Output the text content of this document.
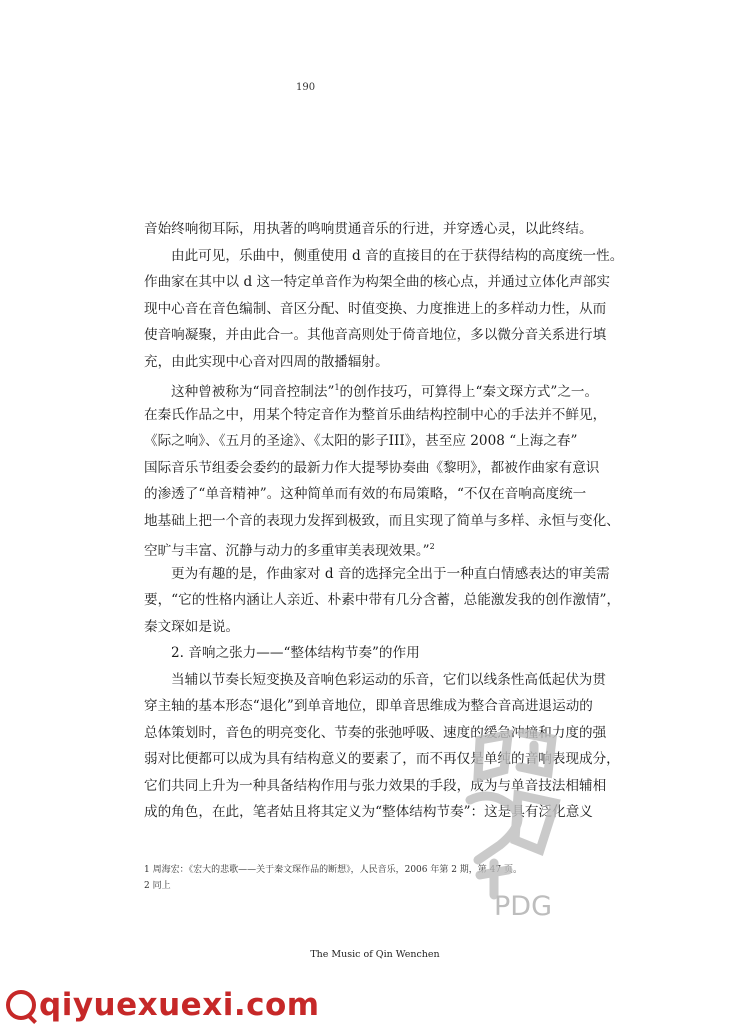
190
音始终响彻耳际，用执著的鸣响贯通音乐的行进，并穿透心灵，以此终结。
由此可见，乐曲中，侧重使用 d 音的直接目的在于获得结构的高度统一性。
作曲家在其中以 d 这一特定单音作为构架全曲的核心点，并通过立体化声部实
现中心音在音色编制、音区分配、时值变换、力度推进上的多样动力性，从而
使音响凝聚，并由此合一。其他音高则处于倚音地位，多以微分音关系进行填
充，由此实现中心音对四周的散播辐射。
这种曾被称为“同音控制法”$^1$的创作技巧，可算得上“秦文琛方式”之一。
在秦氏作品之中，用某个特定音作为整首乐曲结构控制中心的手法并不鲜见，
《际之响》、《五月的圣途》、《太阳的影子III》，甚至应 2008 “上海之春”
国际音乐节组委会委约的最新力作大提琴协奏曲《黎明》，都被作曲家有意识
的渗透了“单音精神”。这种简单而有效的布局策略，“不仅在音响高度统一
地基础上把一个音的表现力发挥到极致，而且实现了简单与多样、永恒与变化、
空旷与丰富、沉静与动力的多重审美表现效果。”$^2$
更为有趣的是，作曲家对 d 音的选择完全出于一种直白情感表达的审美需
要，“它的性格内涵让人亲近、朴素中带有几分含蓄，总能激发我的创作激情”，
秦文琛如是说。
2. 音响之张力——“整体结构节奏”的作用
当辅以节奏长短变换及音响色彩运动的乐音，它们以线条性高低起伏为贯
穿主轴的基本形态“退化”到单音地位，即单音思维成为整合音高进退运动的
总体策划时，音色的明亮变化、节奏的张弛呼吸、速度的缓急冲撞和力度的强
弱对比便都可以成为具有结构意义的要素了，而不再仅是单纯的音响表现成分，
它们共同上升为一种具备结构作用与张力效果的手段，成为与单音技法相辅相
成的角色，在此，笔者姑且将其定义为“整体结构节奏”：这是具有泛化意义
1 周海宏：《宏大的悲歌——关于秦文琛作品的断想》，人民音乐，2006 年第 2 期，第 47 页。
2 同上
PDG
The Music of Qin Wenchen
qiyuexuexi.com
